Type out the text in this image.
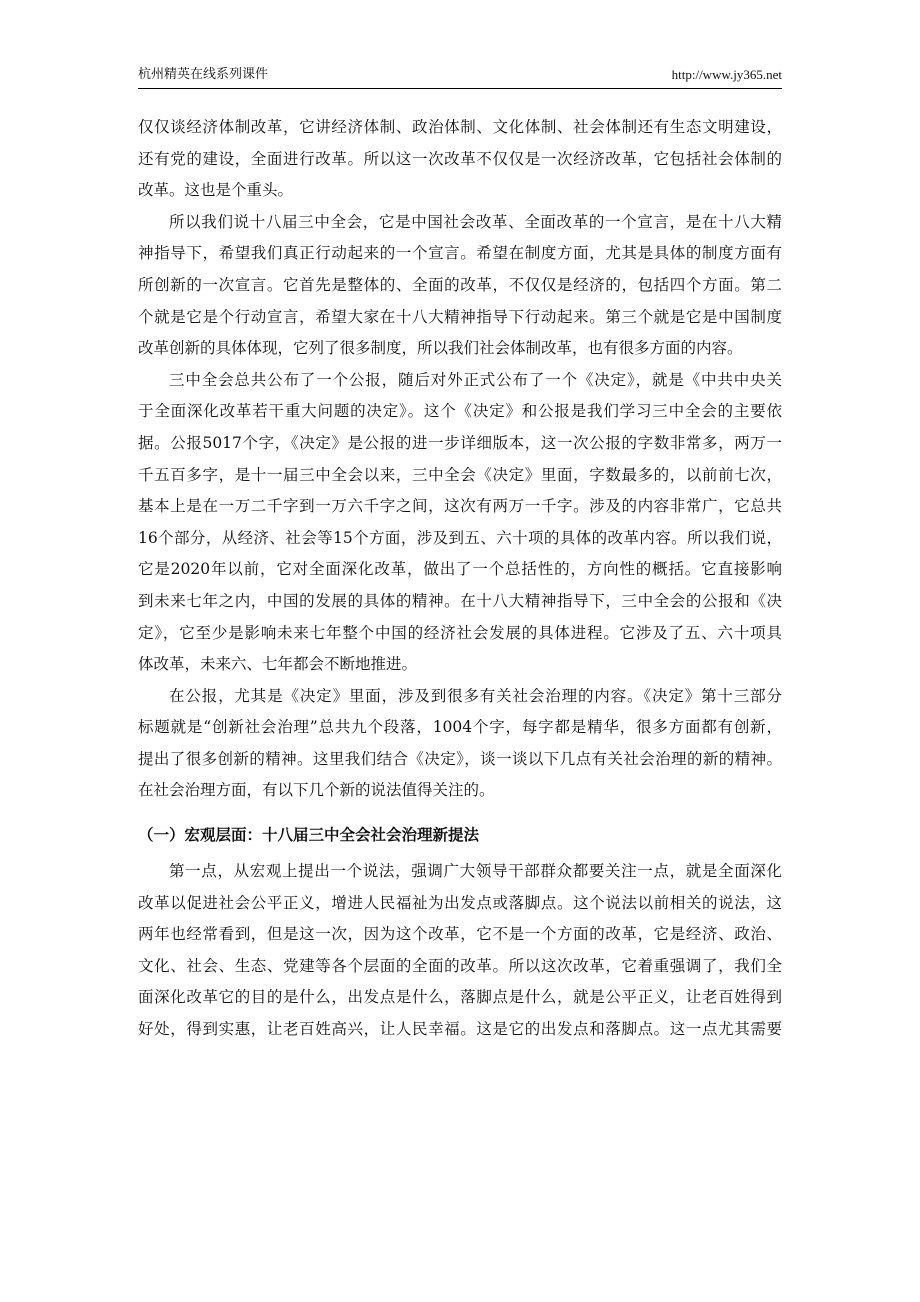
杭州精英在线系列课件	http://www.jy365.net

仅仅谈经济体制改革，它讲经济体制、政治体制、文化体制、社会体制还有生态文明建设，
还有党的建设，全面进行改革。所以这一次改革不仅仅是一次经济改革，它包括社会体制的
改革。这也是个重头。

所以我们说十八届三中全会，它是中国社会改革、全面改革的一个宣言，是在十八大精
神指导下，希望我们真正行动起来的一个宣言。希望在制度方面，尤其是具体的制度方面有
所创新的一次宣言。它首先是整体的、全面的改革，不仅仅是经济的，包括四个方面。第二
个就是它是个行动宣言，希望大家在十八大精神指导下行动起来。第三个就是它是中国制度
改革创新的具体体现，它列了很多制度，所以我们社会体制改革，也有很多方面的内容。

三中全会总共公布了一个公报，随后对外正式公布了一个《决定》，就是《中共中央关
于全面深化改革若干重大问题的决定》。这个《决定》和公报是我们学习三中全会的主要依
据。公报5017个字，《决定》是公报的进一步详细版本，这一次公报的字数非常多，两万一
千五百多字，是十一届三中全会以来，三中全会《决定》里面，字数最多的，以前前七次，
基本上是在一万二千字到一万六千字之间，这次有两万一千字。涉及的内容非常广，它总共
16个部分，从经济、社会等15个方面，涉及到五、六十项的具体的改革内容。所以我们说，
它是2020年以前，它对全面深化改革，做出了一个总括性的，方向性的概括。它直接影响
到未来七年之内，中国的发展的具体的精神。在十八大精神指导下，三中全会的公报和《决
定》，它至少是影响未来七年整个中国的经济社会发展的具体进程。它涉及了五、六十项具
体改革，未来六、七年都会不断地推进。

在公报，尤其是《决定》里面，涉及到很多有关社会治理的内容。《决定》第十三部分
标题就是“创新社会治理”总共九个段落，1004个字，每字都是精华，很多方面都有创新，
提出了很多创新的精神。这里我们结合《决定》，谈一谈以下几点有关社会治理的新的精神。
在社会治理方面，有以下几个新的说法值得关注的。

（一）宏观层面：十八届三中全会社会治理新提法

第一点，从宏观上提出一个说法，强调广大领导干部群众都要关注一点，就是全面深化
改革以促进社会公平正义，增进人民福祉为出发点或落脚点。这个说法以前相关的说法，这
两年也经常看到，但是这一次，因为这个改革，它不是一个方面的改革，它是经济、政治、
文化、社会、生态、党建等各个层面的全面的改革。所以这次改革，它着重强调了，我们全
面深化改革它的目的是什么，出发点是什么，落脚点是什么，就是公平正义，让老百姓得到
好处，得到实惠，让老百姓高兴，让人民幸福。这是它的出发点和落脚点。这一点尤其需要
